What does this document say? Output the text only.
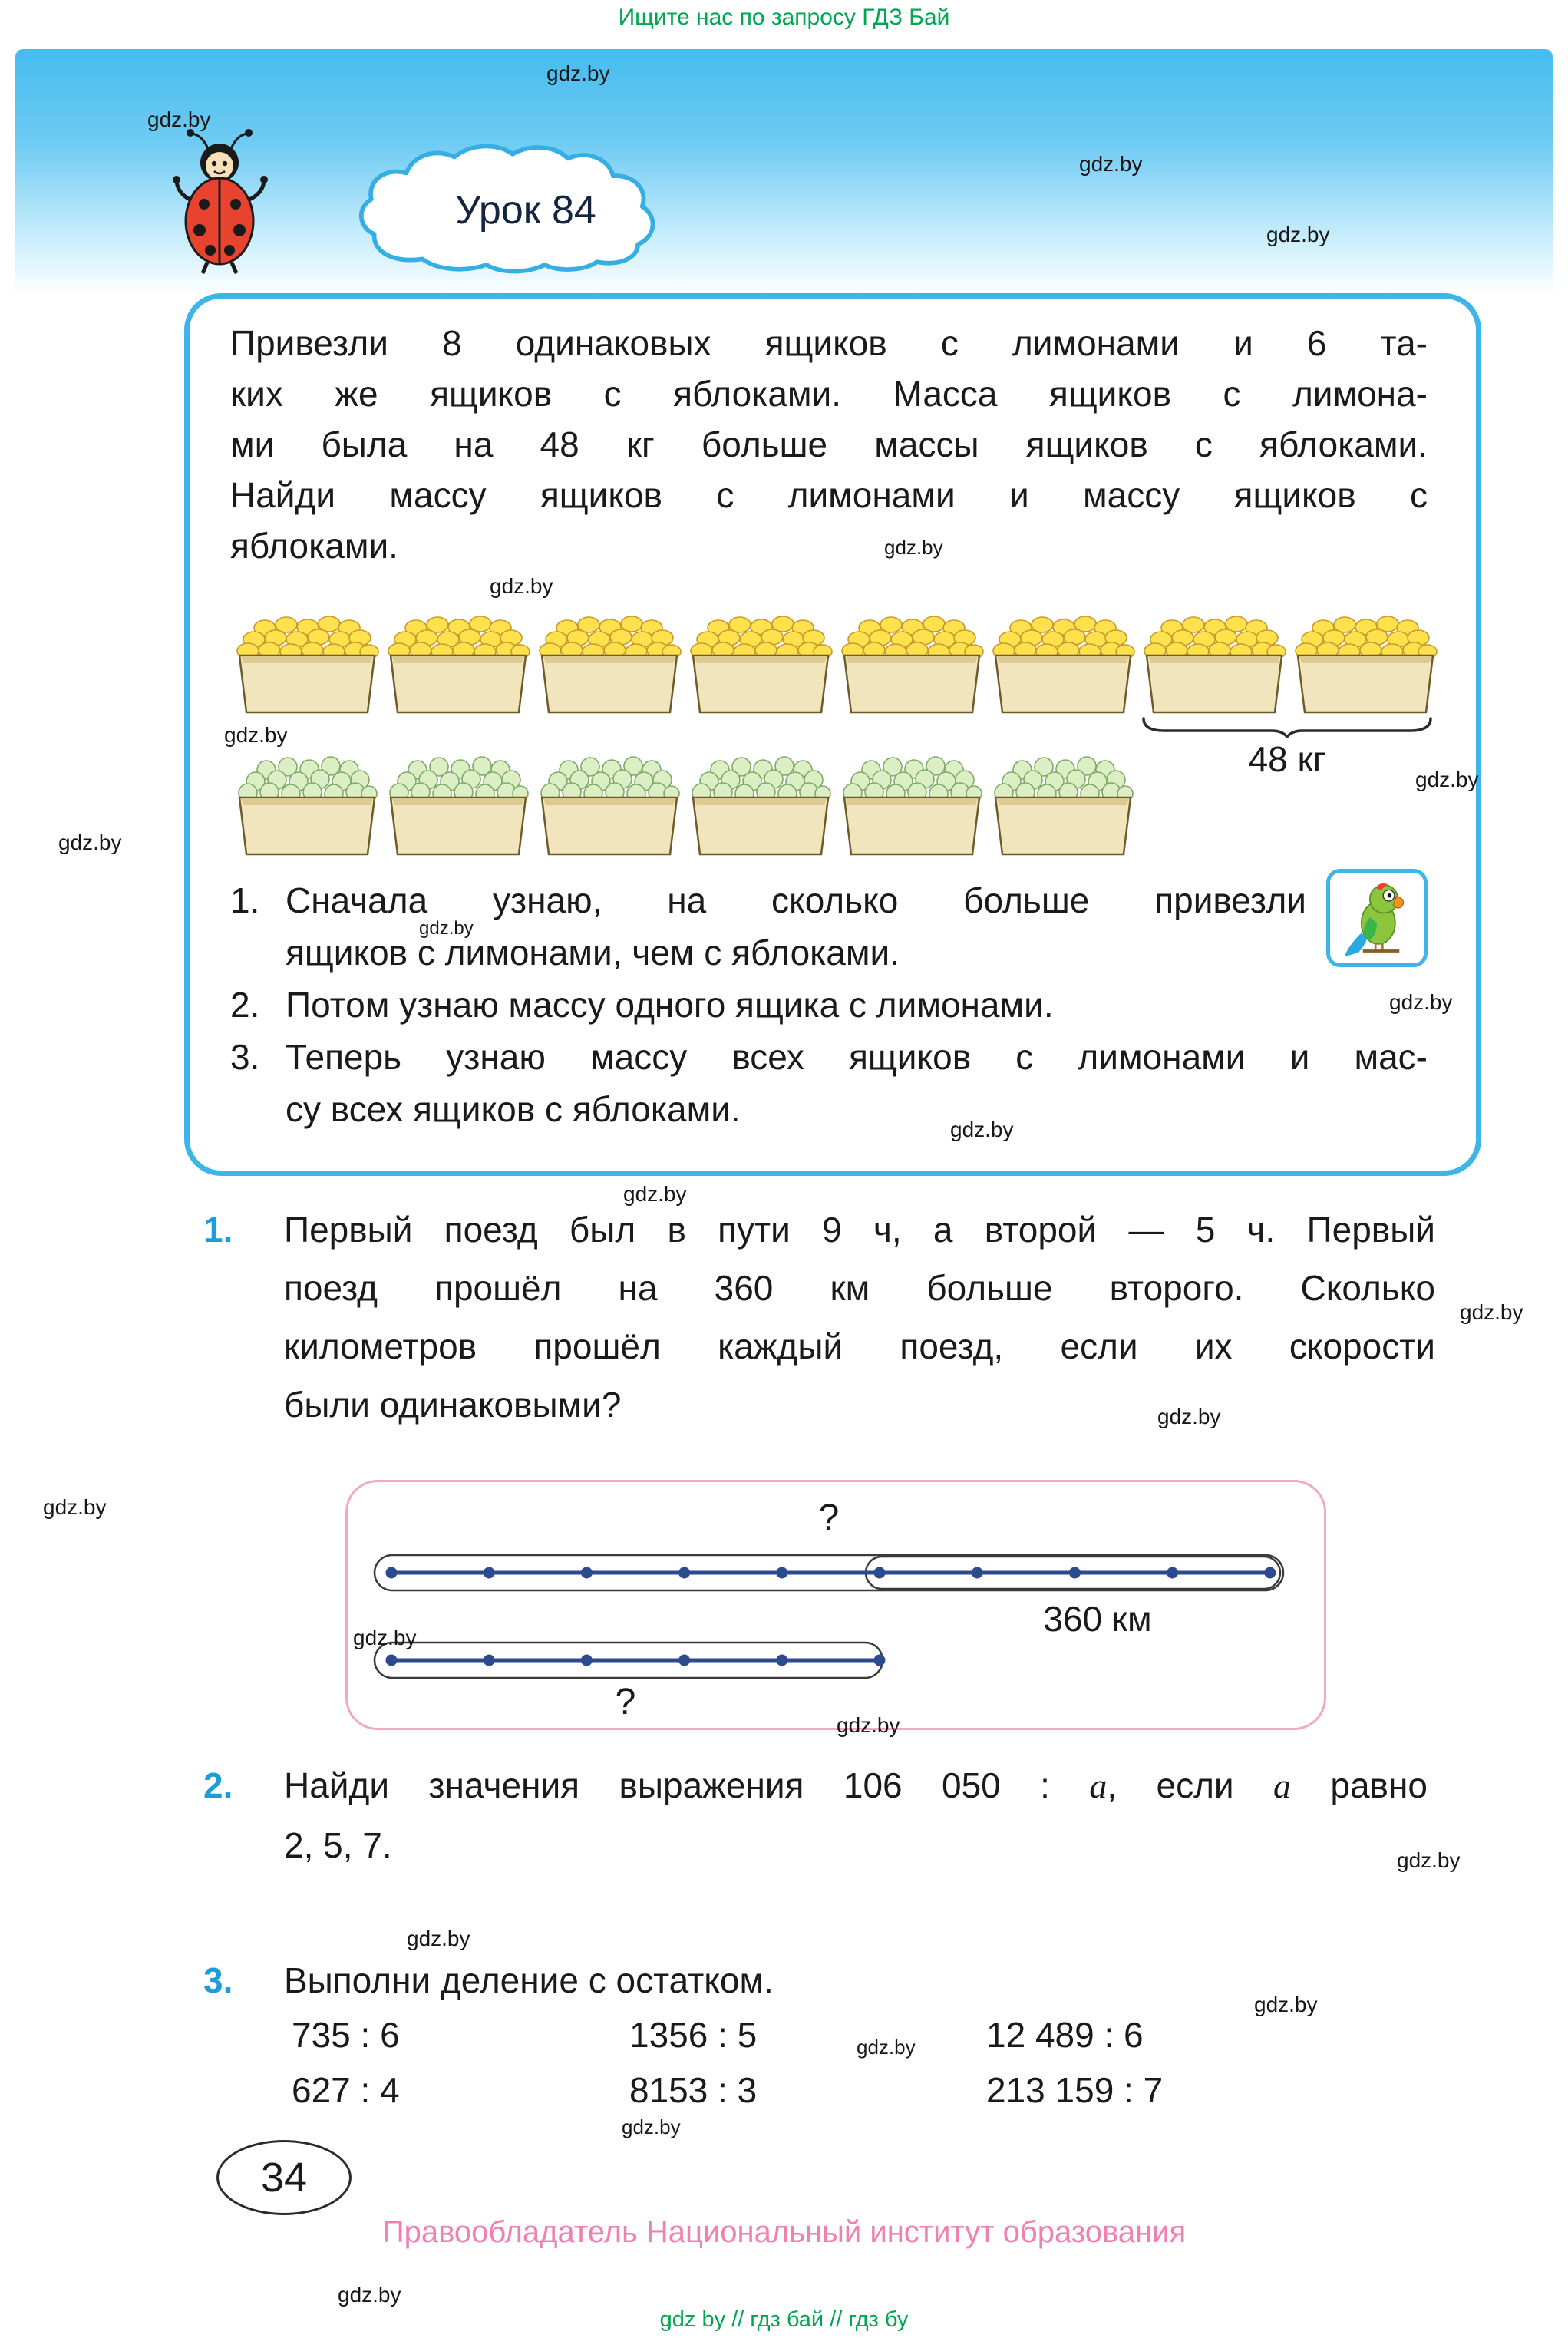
Ищите нас по запросу ГДЗ Бай
Урок 84
Привезли 8 одинаковых ящиков с лимонами и 6 та-
ких же ящиков с яблоками. Масса ящиков с лимона-
ми была на 48 кг больше массы ящиков с яблоками.
Найди массу ящиков с лимонами и массу ящиков с
яблоками.
48 кг
1. Сначала узнаю, на сколько больше привезли
ящиков с лимонами, чем с яблоками.
2. Потом узнаю массу одного ящика с лимонами.
3. Теперь узнаю массу всех ящиков с лимонами и мас-
су всех ящиков с яблоками.
1. Первый поезд был в пути 9 ч, а второй — 5 ч. Первый
поезд прошёл на 360 км больше второго. Сколько
километров прошёл каждый поезд, если их скорости
были одинаковыми?
?
360 км
?
2. Найди значения выражения 106 050 : a, если a равно
2, 5, 7.
3. Выполни деление с остатком.
735 : 6	1356 : 5	12 489 : 6
627 : 4	8153 : 3	213 159 : 7
34
Правообладатель Национальный институт образования
gdz by // гдз бай // гдз бу
gdz.by
gdz.by
gdz.by
gdz.by
gdz.by
gdz.by
gdz.by
gdz.by
gdz.by
gdz.by
gdz.by
gdz.by
gdz.by
gdz.by
gdz.by
gdz.by
gdz.by
gdz.by
gdz.by
gdz.by
gdz.by
gdz.by
gdz.by
gdz.by
